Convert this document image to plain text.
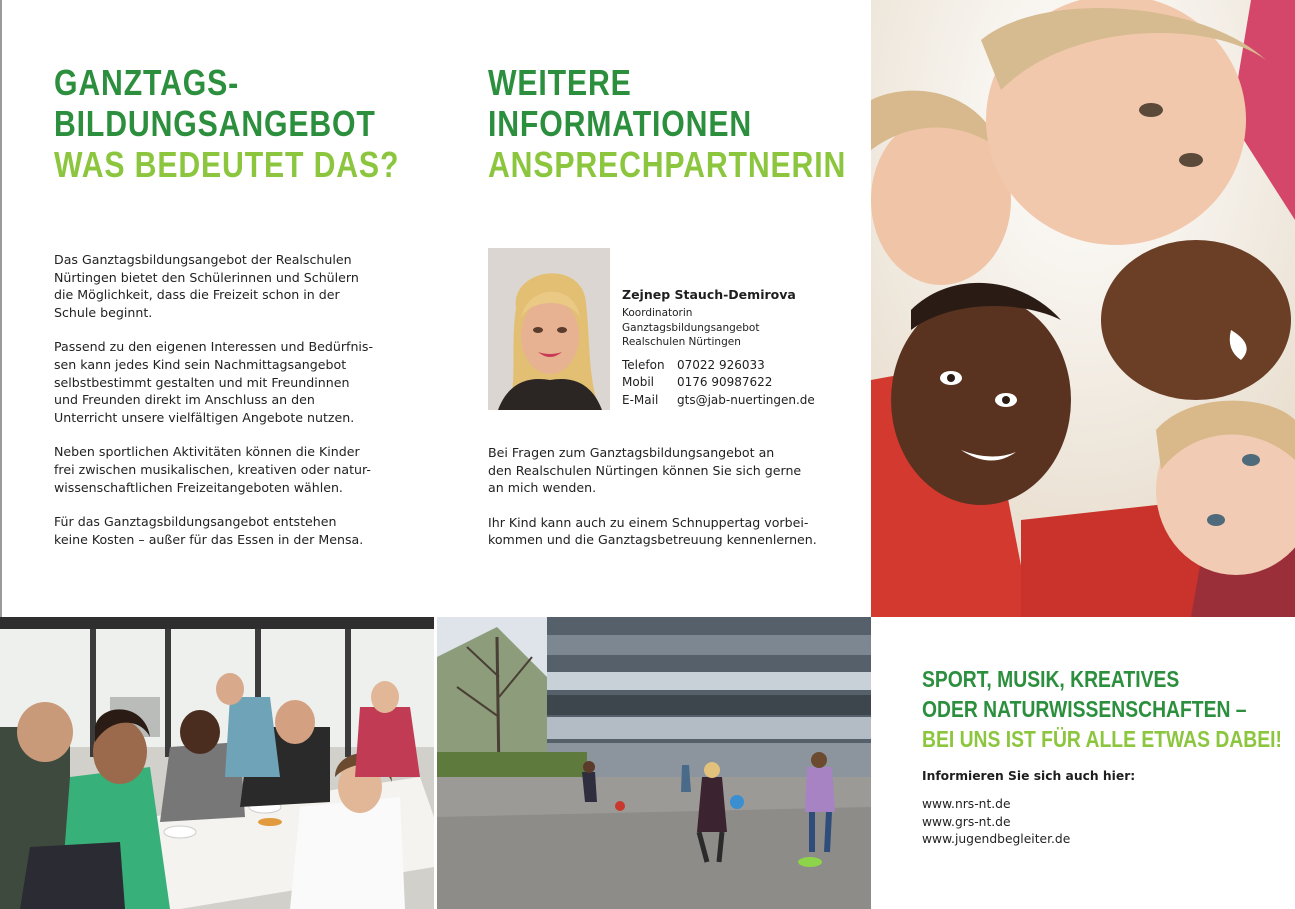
GANZTAGS-
BILDUNGSANGEBOT
WAS BEDEUTET DAS?

Das Ganztagsbildungsangebot der Realschulen
Nürtingen bietet den Schülerinnen und Schülern
die Möglichkeit, dass die Freizeit schon in der
Schule beginnt.

Passend zu den eigenen Interessen und Bedürfnis-
sen kann jedes Kind sein Nachmittagsangebot
selbstbestimmt gestalten und mit Freundinnen
und Freunden direkt im Anschluss an den
Unterricht unsere vielfältigen Angebote nutzen.

Neben sportlichen Aktivitäten können die Kinder
frei zwischen musikalischen, kreativen oder natur-
wissenschaftlichen Freizeitangeboten wählen.

Für das Ganztagsbildungsangebot entstehen
keine Kosten – außer für das Essen in der Mensa.

WEITERE
INFORMATIONEN
ANSPRECHPARTNERIN
Zejnep Stauch-Demirova
Koordinatorin
Ganztagsbildungsangebot
Realschulen Nürtingen
Telefon	07022 926033
Mobil	0176 90987622
E-Mail	gts@jab-nuertingen.de

Bei Fragen zum Ganztagsbildungsangebot an
den Realschulen Nürtingen können Sie sich gerne
an mich wenden.

Ihr Kind kann auch zu einem Schnuppertag vorbei-
kommen und die Ganztagsbetreuung kennenlernen.

SPORT, MUSIK, KREATIVES
ODER NATURWISSENSCHAFTEN –
BEI UNS IST FÜR ALLE ETWAS DABEI!
Informieren Sie sich auch hier:
www.nrs-nt.de
www.grs-nt.de
www.jugendbegleiter.de
